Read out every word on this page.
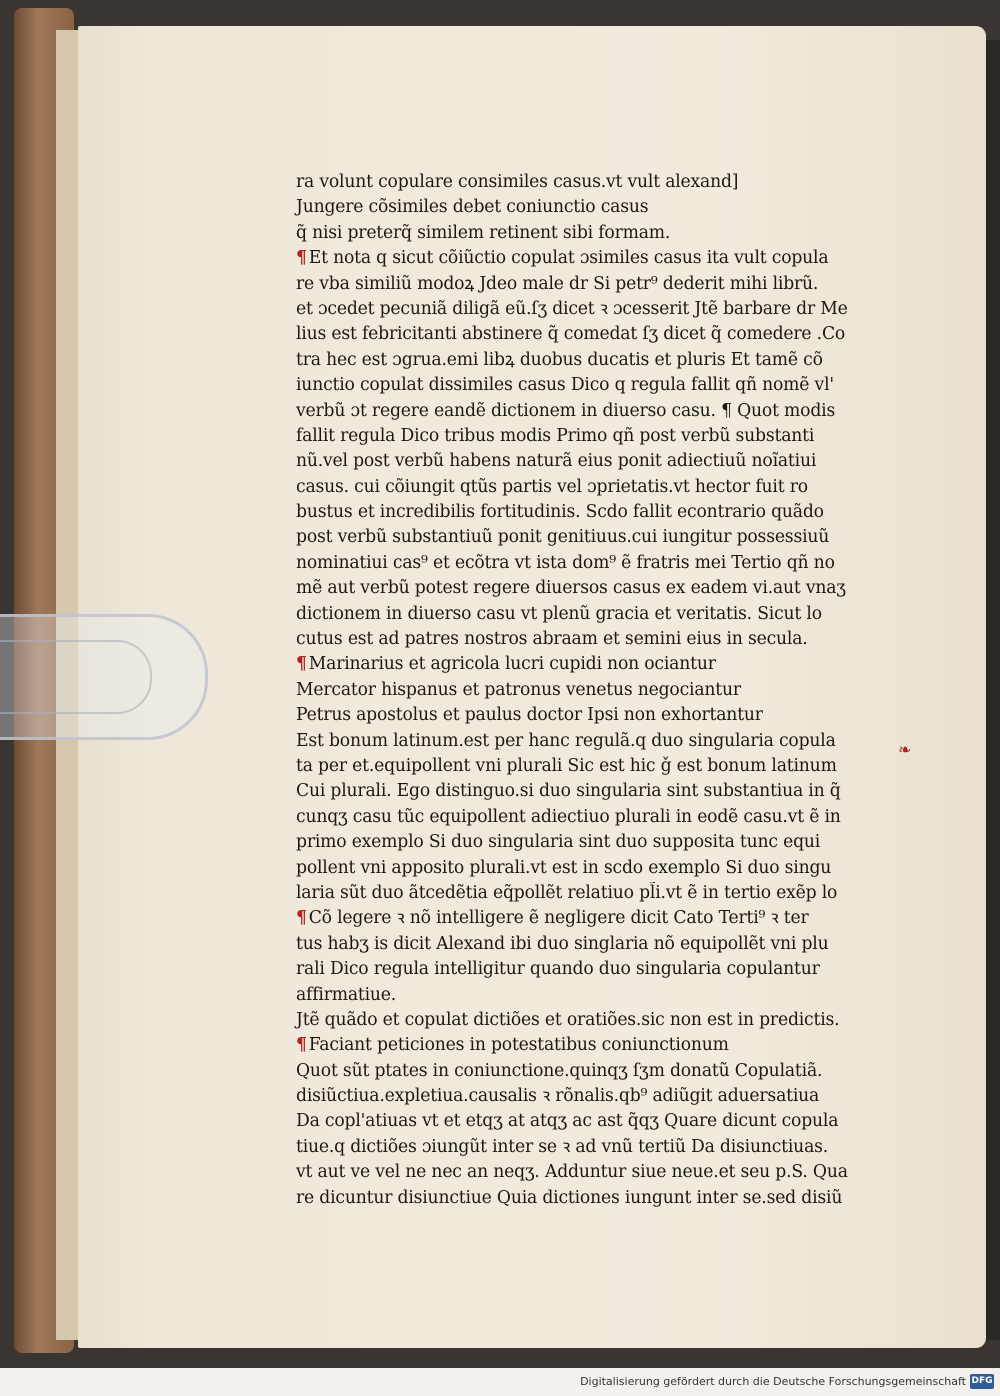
ra volunt copulare consimiles casus.vt vult alexand]
Jungere cõsimiles debet coniunctio casus
q̃ nisi preterq̃ similem retinent sibi formam.
¶ Et nota q sicut cõiũctio copulat ɔsimiles casus ita vult copula
re vba similiũ modoꝝ Jdeo male dr Si petr⁹ dederit mihi librũ.
et ɔcedet pecuniã diligã eũ.ſʒ dicet ꝛ ɔcesserit Jtẽ barbare dr Me
lius est febricitanti abstinere q̃ comedat ſʒ dicet q̃ comedere .Co
tra hec est ɔgrua.emi libꝝ duobus ducatis et pluris Et tamẽ cõ
iunctio copulat dissimiles casus Dico q regula fallit qñ nomẽ vl'
verbũ ɔt regere eandẽ dictionem in diuerso casu. ¶ Quot modis
fallit regula Dico tribus modis Primo qñ post verbũ substanti
nũ.vel post verbũ habens naturã eius ponit adiectiuũ noĩatiui
casus. cui cõiungit qtũs partis vel ɔprietatis.vt hector fuit ro
bustus et incredibilis fortitudinis. Scdo fallit econtrario quãdo
post verbũ substantiuũ ponit genitiuus.cui iungitur possessiuũ
nominatiui cas⁹ et ecõtra vt ista dom⁹ ẽ fratris mei Tertio qñ no
mẽ aut verbũ potest regere diuersos casus ex eadem vi.aut vnaʒ
dictionem in diuerso casu vt plenũ gracia et veritatis. Sicut lo
cutus est ad patres nostros abraam et semini eius in secula.
¶ Marinarius et agricola lucri cupidi non ociantur
Mercator hispanus et patronus venetus negociantur
Petrus apostolus et paulus doctor Ipsi non exhortantur
Est bonum latinum.est per hanc regulã.q duo singularia copula
ta per et.equipollent vni plurali Sic est hic ǧ est bonum latinum
Cui plurali. Ego distinguo.si duo singularia sint substantiua in q̃
cunqʒ casu tũc equipollent adiectiuo plurali in eodẽ casu.vt ẽ in
primo exemplo Si duo singularia sint duo supposita tunc equi
pollent vni apposito plurali.vt est in scdo exemplo Si duo singu
laria sũt duo ãtcedẽtia eq̃pollẽt relatiuo pl̃i.vt ẽ in tertio exẽp lo
¶ Cõ legere ꝛ nõ intelligere ẽ negligere dicit Cato Terti⁹ ꝛ ter
tus habʒ is dicit Alexand ibi duo singlaria nõ equipollẽt vni plu
rali Dico regula intelligitur quando duo singularia copulantur
affirmatiue.
Jtẽ quãdo et copulat dictiões et oratiões.sic non est in predictis.
¶ Faciant peticiones in potestatibus coniunctionum
Quot sũt ptates in coniunctione.quinqʒ ſʒm donatũ Copulatiã.
disiũctiua.expletiua.causalis ꝛ rõnalis.qb⁹ adiũgit aduersatiua
Da copl'atiuas vt et etqʒ at atqʒ ac ast q̃qʒ Quare dicunt copula
tiue.q dictiões ɔiungũt inter se ꝛ ad vnũ tertiũ Da disiunctiuas.
vt aut ve vel ne nec an neqʒ. Adduntur siue neue.et seu p.S. Qua
re dicuntur disiunctiue Quia dictiones iungunt inter se.sed disiũ
❧
Digitalisierung gefördert durch die Deutsche Forschungsgemeinschaft DFG
